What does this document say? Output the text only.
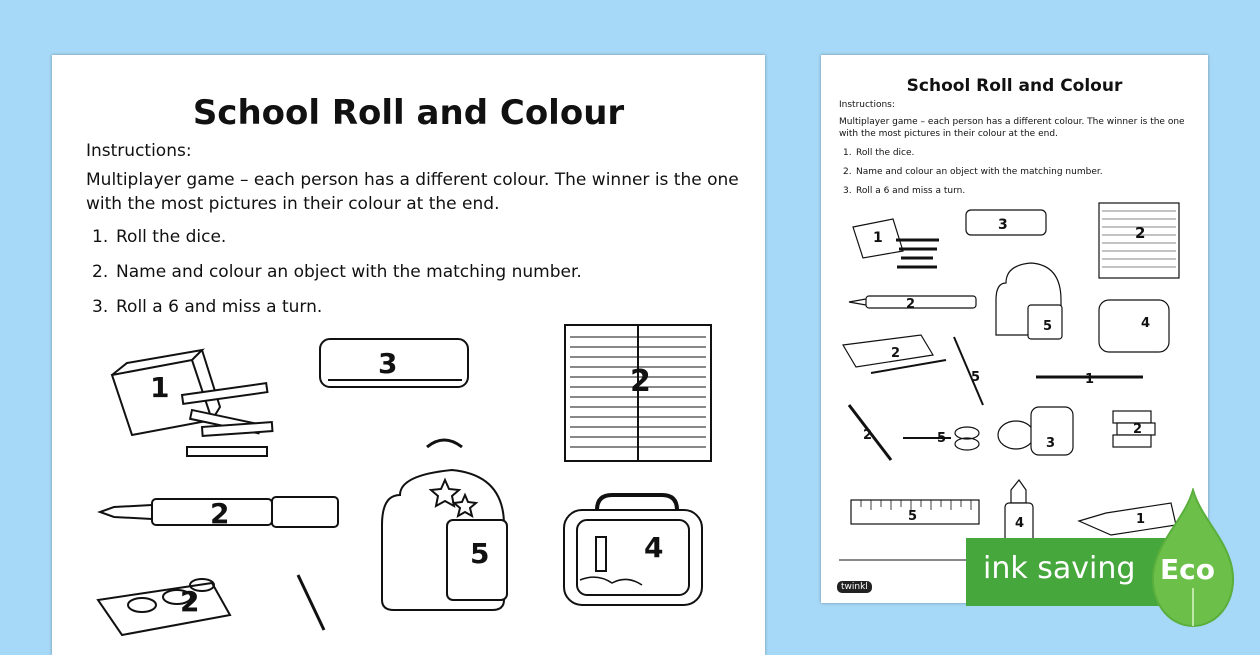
School Roll and Colour
Instructions:
Multiplayer game – each person has a different colour. The winner is the one with the most pictures in their colour at the end.
1. Roll the dice.
2. Name and colour an object with the matching number.
3. Roll a 6 and miss a turn.
1
3
2
2
5	4
2
School Roll and Colour
Instructions:
Multiplayer game – each person has a different colour. The winner is the one with the most pictures in their colour at the end.
1. Roll the dice.
2. Name and colour an object with the matching number.
3. Roll a 6 and miss a turn.
1
3	2
2
5	4
2
5	1
2	5	3
2
5	4	1
twinkl
ink saving Eco
